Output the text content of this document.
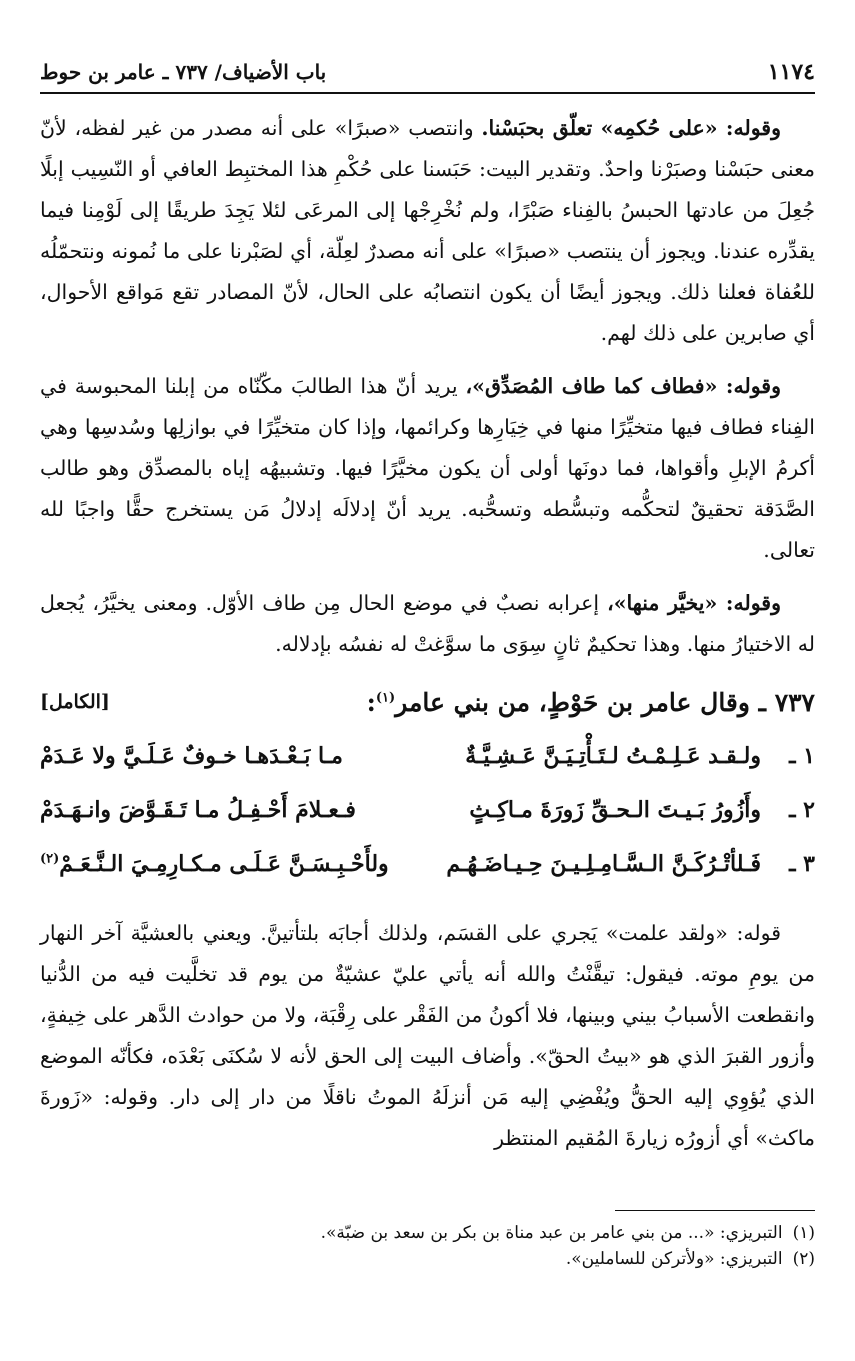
١١٧٤
باب الأضياف/ ٧٣٧ ـ عامر بن حوط

وقوله: «على حُكمِه» تعلّق بحبَسْنا. وانتصب «صبرًا» على أنه مصدر من غير لفظه، لأنّ معنى حبَسْنا وصبَرْنا واحدٌ. وتقدير البيت: حَبَسنا على حُكْمِ هذا المختبِط العافي أو النّسِيب إبلًا جُعِلَ من عادتها الحبسُ بالفِناء صَبْرًا، ولم نُخْرِجْها إلى المرعَى لئلا يَجِدَ طريقًا إلى لَوْمِنا فيما يقدِّره عندنا. ويجوز أن ينتصب «صبرًا» على أنه مصدرٌ لعِلّة، أي لصَبْرنا على ما نُمونه ونتحمّلُه للعُفاة فعلنا ذلك. ويجوز أيضًا أن يكون انتصابُه على الحال، لأنّ المصادر تقع مَواقع الأحوال، أي صابرين على ذلك لهم.

وقوله: «فطاف كما طاف المُصَدِّق»، يريد أنّ هذا الطالبَ مكّنّاه من إبلنا المحبوسة في الفِناء فطاف فيها متخيِّرًا منها في خِيَارِها وكرائمها، وإذا كان متخيِّرًا في بوازلِها وسُدسِها وهي أكرمُ الإبلِ وأقواها، فما دونَها أولى أن يكون مخيَّرًا فيها. وتشبيهُه إياه بالمصدِّق وهو طالب الصَّدَقة تحقيقٌ لتحكُّمه وتبسُّطه وتسحُّبه. يريد أنّ إدلالَه إدلالُ مَن يستخرج حقًّا واجبًا لله تعالى.

وقوله: «يخيَّر منها»، إعرابه نصبٌ في موضع الحال مِن طاف الأوّل. ومعنى يخيَّرُ، يُجعل له الاختيارُ منها. وهذا تحكيمٌ ثانٍ سِوَى ما سوَّغتْ له نفسُه بإدلاله.

٧٣٧ ـ وقال عامر بن حَوْطٍ، من بني عامر$^{(١)}$:
[الكامل]
١ ـ
ولـقـد عَـلِـمْـتُ لـتَـأْتِـيَـنَّ عَـشِـيَّـةٌ
مـا بَـعْـدَهـا خـوفٌ عَـلَـيَّ ولا عَـدَمْ
٢ ـ
وأَزُورُ بَـيـتَ الـحـقِّ زَورَةَ مـاكِـثٍ
فـعـلامَ أَحْـفِـلُ مـا تَـقَـوَّضَ وانـهَـدَمْ
٣ ـ
فَـلأتْـرُكَـنَّ الـسَّـامِـلِـيـنَ حِـيـاضَـهُـم
ولأَحْـبِـسَـنَّ عَـلَـى مـكـارِمِـيَ الـنَّـعَـمْ$^{(٢)}$

قوله: «ولقد علمت» يَجري على القسَم، ولذلك أجابَه بلتأتينَّ. ويعني بالعشيَّة آخر النهار من يومِ موته. فيقول: تيقَّنْتُ والله أنه يأتي عليّ عشيّةٌ من يوم قد تخلَّيت فيه من الدُّنيا وانقطعت الأسبابُ بيني وبينها، فلا أكونُ من الفَقْر على رِقْبَة، ولا من حوادث الدَّهر على خِيفةٍ، وأزور القبرَ الذي هو «بيتُ الحقّ». وأضاف البيت إلى الحق لأنه لا سُكنَى بَعْدَه، فكأنّه الموضع الذي يُؤوِي إليه الحقُّ ويُفْضِي إليه مَن أنزلَهُ الموتُ ناقلًا من دار إلى دار. وقوله: «زَورةَ ماكث» أي أزورُه زيارةَ المُقيم المنتظر

(١)
التبريزي: «... من بني عامر بن عبد مناة بن بكر بن سعد بن ضبّة».
(٢)
التبريزي: «ولأتركن للساملين».
